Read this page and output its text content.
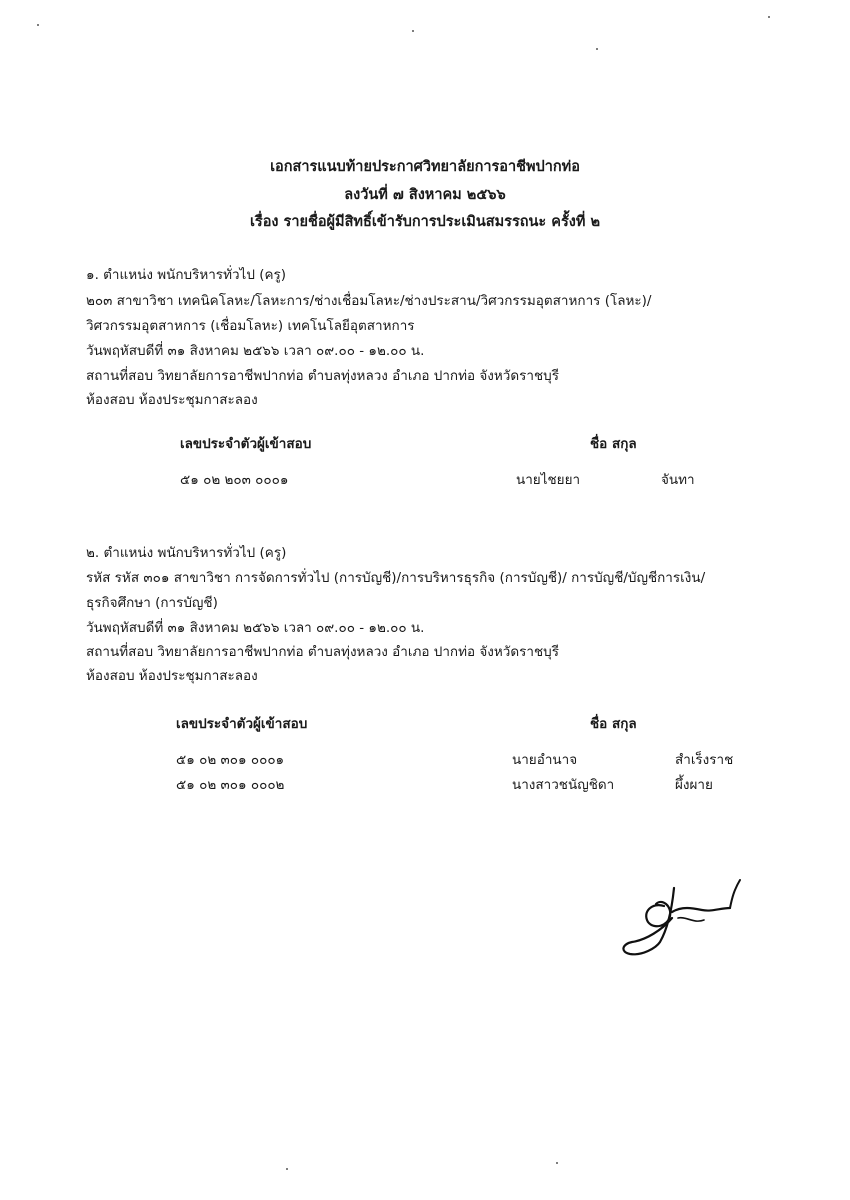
เอกสารแนบท้ายประกาศวิทยาลัยการอาชีพปากท่อ
ลงวันที่ ๗ สิงหาคม ๒๕๖๖
เรื่อง รายชื่อผู้มีสิทธิ์เข้ารับการประเมินสมรรถนะ ครั้งที่ ๒
๑. ตำแหน่ง พนักบริหารทั่วไป (ครู)
๒๐๓ สาขาวิชา เทคนิคโลหะ/โลหะการ/ช่างเชื่อมโลหะ/ช่างประสาน/วิศวกรรมอุตสาหการ (โลหะ)/
วิศวกรรมอุตสาหการ (เชื่อมโลหะ) เทคโนโลยีอุตสาหการ
วันพฤหัสบดีที่ ๓๑ สิงหาคม ๒๕๖๖ เวลา ๐๙.๐๐ - ๑๒.๐๐ น.
สถานที่สอบ วิทยาลัยการอาชีพปากท่อ ตำบลทุ่งหลวง อำเภอ ปากท่อ จังหวัดราชบุรี
ห้องสอบ ห้องประชุมกาสะลอง
เลขประจำตัวผู้เข้าสอบ	ชื่อ สกุล
๕๑ ๐๒ ๒๐๓ ๐๐๐๑	นายไชยยา	จันทา
๒. ตำแหน่ง พนักบริหารทั่วไป (ครู)
รหัส รหัส ๓๐๑ สาขาวิชา การจัดการทั่วไป (การบัญชี)/การบริหารธุรกิจ (การบัญชี)/ การบัญชี/บัญชีการเงิน/
ธุรกิจศึกษา (การบัญชี)
วันพฤหัสบดีที่ ๓๑ สิงหาคม ๒๕๖๖ เวลา ๐๙.๐๐ - ๑๒.๐๐ น.
สถานที่สอบ วิทยาลัยการอาชีพปากท่อ ตำบลทุ่งหลวง อำเภอ ปากท่อ จังหวัดราชบุรี
ห้องสอบ ห้องประชุมกาสะลอง
เลขประจำตัวผู้เข้าสอบ	ชื่อ สกุล
๕๑ ๐๒ ๓๐๑ ๐๐๐๑	นายอำนาจ	สำเร็งราช
๕๑ ๐๒ ๓๐๑ ๐๐๐๒	นางสาวชนัญชิดา	ผึ้งผาย
